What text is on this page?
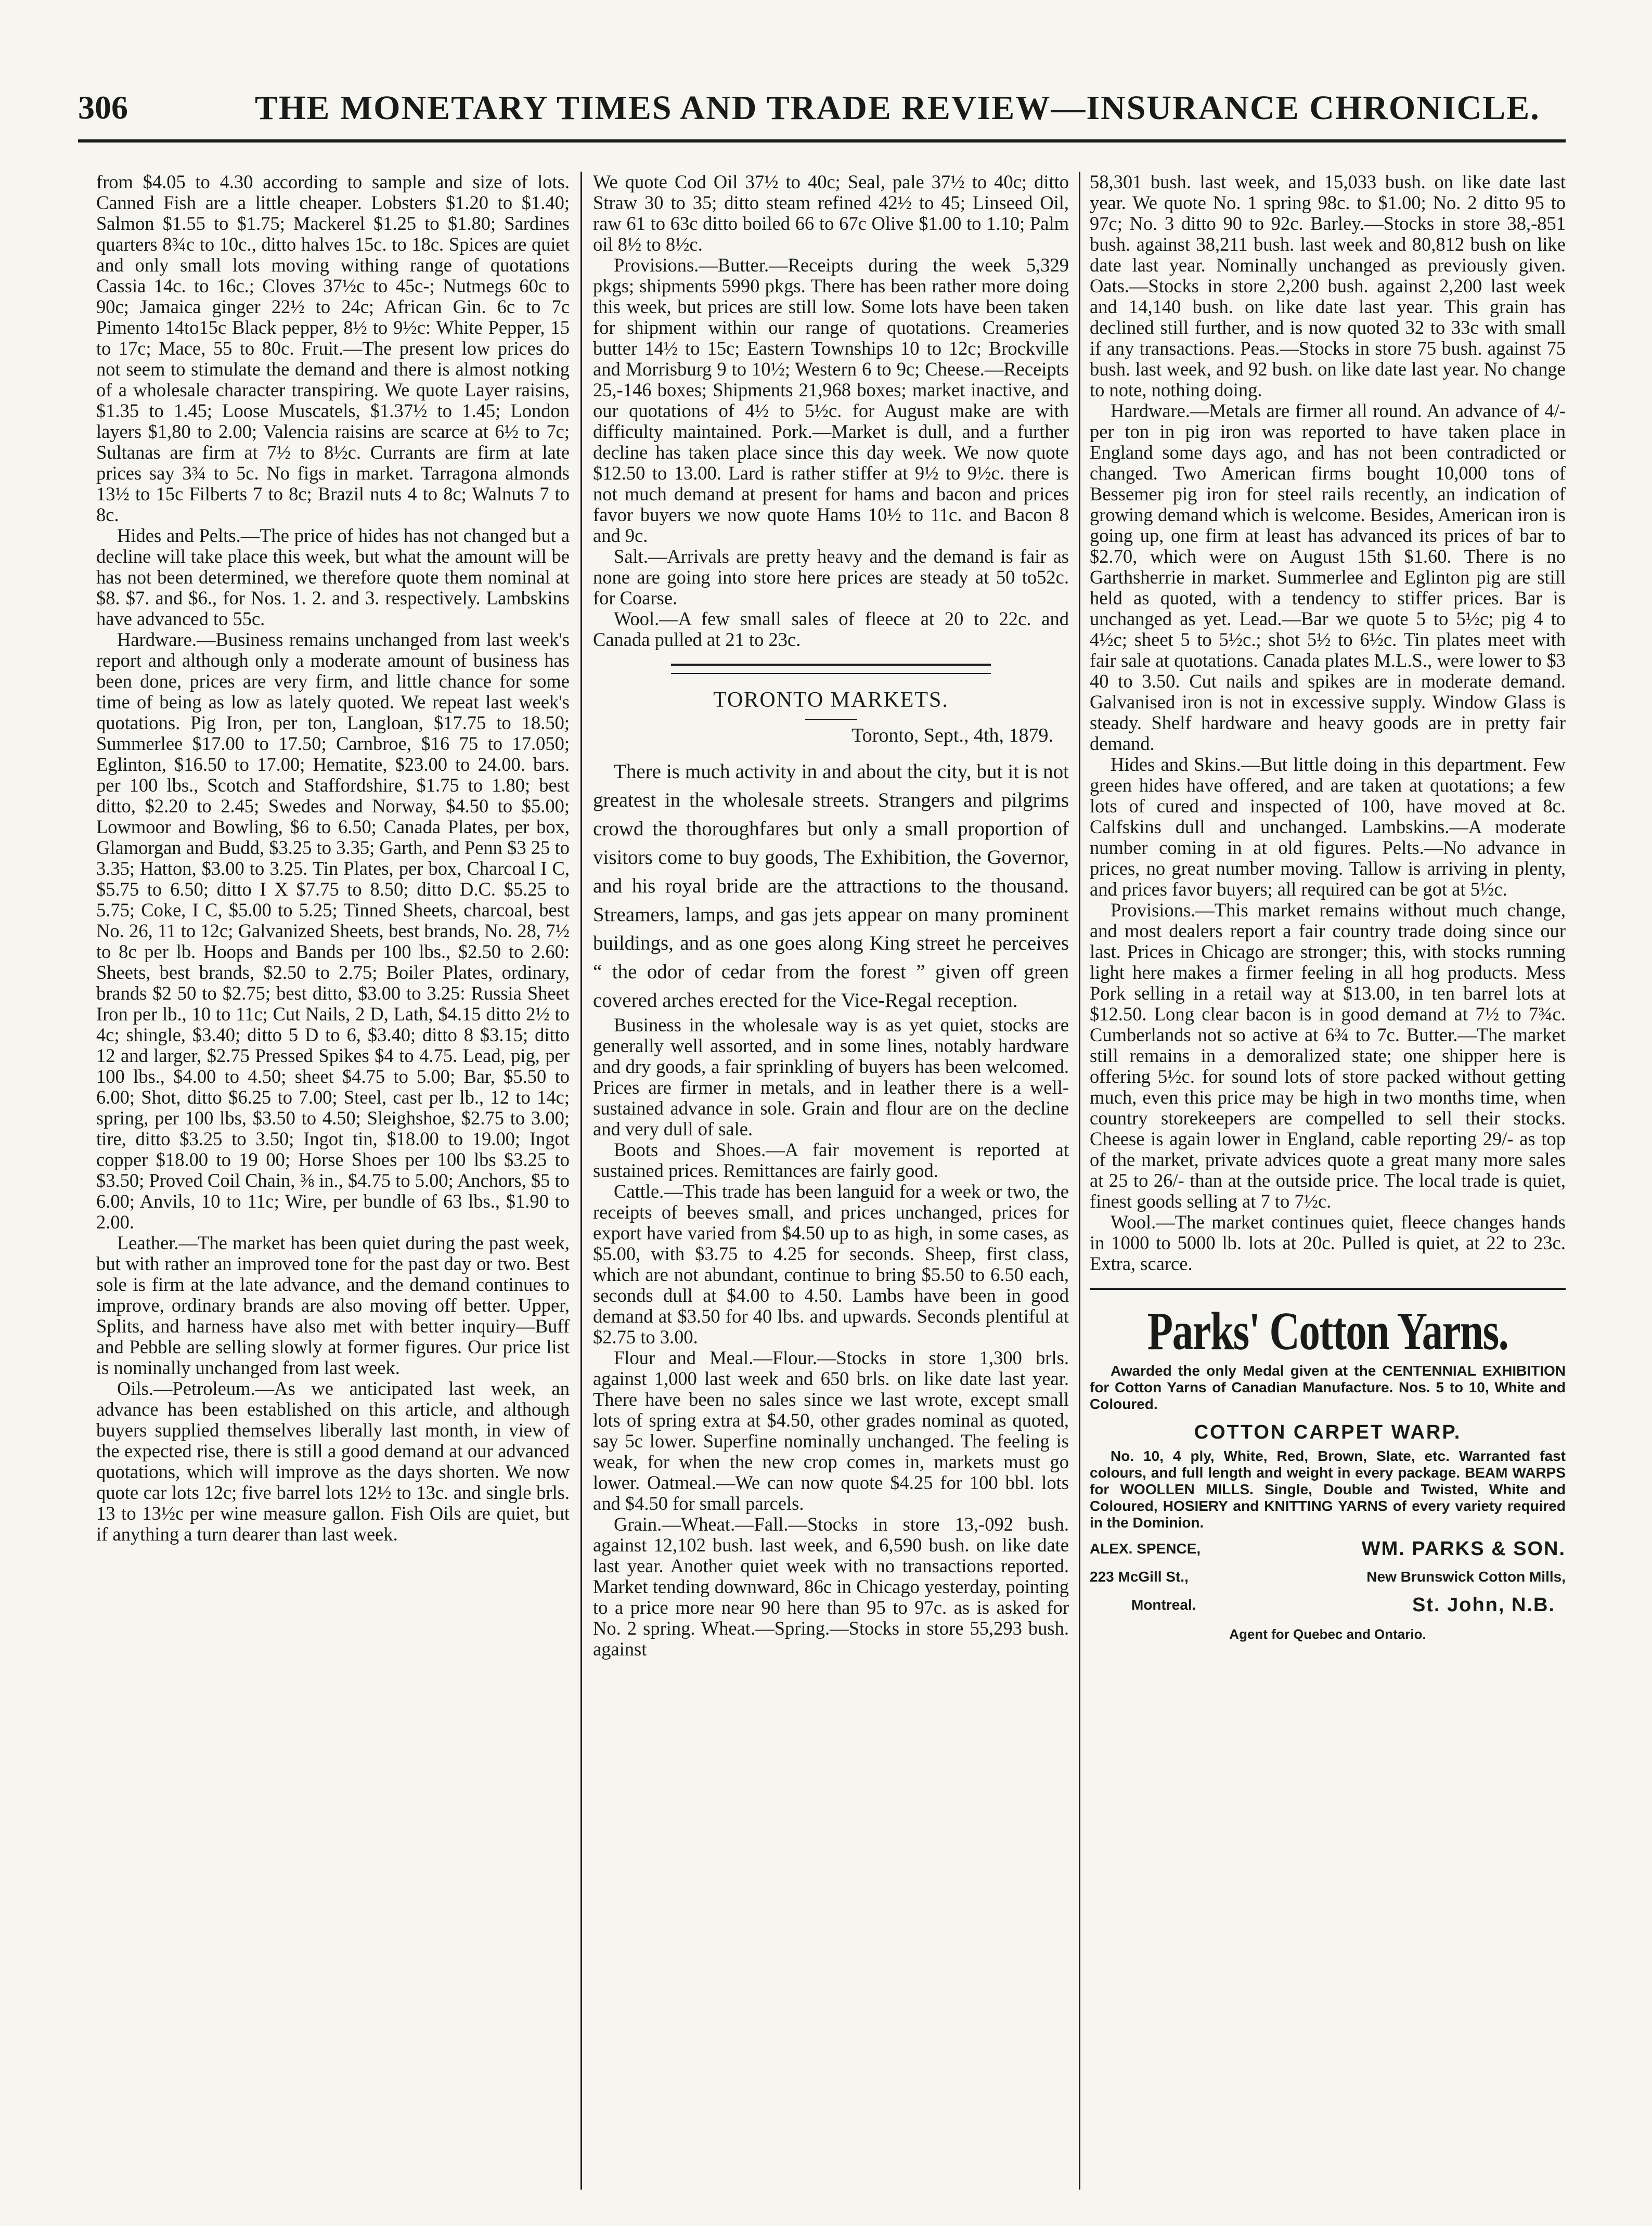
306	THE MONETARY TIMES AND TRADE REVIEW—INSURANCE CHRONICLE.

from $4.05 to 4.30 according to sample and size of lots. Canned Fish are a little cheaper. Lobsters $1.20 to $1.40; Salmon $1.55 to $1.75; Mackerel $1.25 to $1.80; Sardines quarters 8¾c to 10c., ditto halves 15c. to 18c. Spices are quiet and only small lots moving withing range of quotations Cassia 14c. to 16c.; Cloves 37½c to 45c-; Nutmegs 60c to 90c; Jamaica ginger 22½ to 24c; African Gin. 6c to 7c Pimento 14to15c Black pepper, 8½ to 9½c: White Pepper, 15 to 17c; Mace, 55 to 80c. Fruit.—The present low prices do not seem to stimulate the demand and there is almost notking of a wholesale character transpiring. We quote Layer raisins, $1.35 to 1.45; Loose Muscatels, $1.37½ to 1.45; London layers $1,80 to 2.00; Valencia raisins are scarce at 6½ to 7c; Sultanas are firm at 7½ to 8½c. Currants are firm at late prices say 3¾ to 5c. No figs in market. Tarragona almonds 13½ to 15c Filberts 7 to 8c; Brazil nuts 4 to 8c; Walnuts 7 to 8c.

Hides and Pelts.—The price of hides has not changed but a decline will take place this week, but what the amount will be has not been determined, we therefore quote them nominal at $8. $7. and $6., for Nos. 1. 2. and 3. respectively. Lambskins have advanced to 55c.

Hardware.—Business remains unchanged from last week's report and although only a moderate amount of business has been done, prices are very firm, and little chance for some time of being as low as lately quoted. We repeat last week's quotations. Pig Iron, per ton, Langloan, $17.75 to 18.50; Summerlee $17.00 to 17.50; Carnbroe, $16 75 to 17.050; Eglinton, $16.50 to 17.00; Hematite, $23.00 to 24.00. bars. per 100 lbs., Scotch and Staffordshire, $1.75 to 1.80; best ditto, $2.20 to 2.45; Swedes and Norway, $4.50 to $5.00; Lowmoor and Bowling, $6 to 6.50; Canada Plates, per box, Glamorgan and Budd, $3.25 to 3.35; Garth, and Penn $3 25 to 3.35; Hatton, $3.00 to 3.25. Tin Plates, per box, Charcoal I C, $5.75 to 6.50; ditto I X $7.75 to 8.50; ditto D.C. $5.25 to 5.75; Coke, I C, $5.00 to 5.25; Tinned Sheets, charcoal, best No. 26, 11 to 12c; Galvanized Sheets, best brands, No. 28, 7½ to 8c per lb. Hoops and Bands per 100 lbs., $2.50 to 2.60: Sheets, best brands, $2.50 to 2.75; Boiler Plates, ordinary, brands $2 50 to $2.75; best ditto, $3.00 to 3.25: Russia Sheet Iron per lb., 10 to 11c; Cut Nails, 2 D, Lath, $4.15 ditto 2½ to 4c; shingle, $3.40; ditto 5 D to 6, $3.40; ditto 8 $3.15; ditto 12 and larger, $2.75 Pressed Spikes $4 to 4.75. Lead, pig, per 100 lbs., $4.00 to 4.50; sheet $4.75 to 5.00; Bar, $5.50 to 6.00; Shot, ditto $6.25 to 7.00; Steel, cast per lb., 12 to 14c; spring, per 100 lbs, $3.50 to 4.50; Sleighshoe, $2.75 to 3.00; tire, ditto $3.25 to 3.50; Ingot tin, $18.00 to 19.00; Ingot copper $18.00 to 19 00; Horse Shoes per 100 lbs $3.25 to $3.50; Proved Coil Chain, ⅜ in., $4.75 to 5.00; Anchors, $5 to 6.00; Anvils, 10 to 11c; Wire, per bundle of 63 lbs., $1.90 to 2.00.

Leather.—The market has been quiet during the past week, but with rather an improved tone for the past day or two. Best sole is firm at the late advance, and the demand continues to improve, ordinary brands are also moving off better. Upper, Splits, and harness have also met with better inquiry—Buff and Pebble are selling slowly at former figures. Our price list is nominally unchanged from last week.

Oils.—Petroleum.—As we anticipated last week, an advance has been established on this article, and although buyers supplied themselves liberally last month, in view of the expected rise, there is still a good demand at our advanced quotations, which will improve as the days shorten. We now quote car lots 12c; five barrel lots 12½ to 13c. and single brls. 13 to 13½c per wine measure gallon. Fish Oils are quiet, but if anything a turn dearer than last week.

We quote Cod Oil 37½ to 40c; Seal, pale 37½ to 40c; ditto Straw 30 to 35; ditto steam refined 42½ to 45; Linseed Oil, raw 61 to 63c ditto boiled 66 to 67c Olive $1.00 to 1.10; Palm oil 8½ to 8½c.

Provisions.—Butter.—Receipts during the week 5,329 pkgs; shipments 5990 pkgs. There has been rather more doing this week, but prices are still low. Some lots have been taken for shipment within our range of quotations. Creameries butter 14½ to 15c; Eastern Townships 10 to 12c; Brockville and Morrisburg 9 to 10½; Western 6 to 9c; Cheese.—Receipts 25,-146 boxes; Shipments 21,968 boxes; market inactive, and our quotations of 4½ to 5½c. for August make are with difficulty maintained. Pork.—Market is dull, and a further decline has taken place since this day week. We now quote $12.50 to 13.00. Lard is rather stiffer at 9½ to 9½c. there is not much demand at present for hams and bacon and prices favor buyers we now quote Hams 10½ to 11c. and Bacon 8 and 9c.

Salt.—Arrivals are pretty heavy and the demand is fair as none are going into store here prices are steady at 50 to52c. for Coarse.

Wool.—A few small sales of fleece at 20 to 22c. and Canada pulled at 21 to 23c.

TORONTO MARKETS.
Toronto, Sept., 4th, 1879.

There is much activity in and about the city, but it is not greatest in the wholesale streets. Strangers and pilgrims crowd the thoroughfares but only a small proportion of visitors come to buy goods, The Exhibition, the Governor, and his royal bride are the attractions to the thousand. Streamers, lamps, and gas jets appear on many prominent buildings, and as one goes along King street he perceives “ the odor of cedar from the forest ” given off green covered arches erected for the Vice-Regal reception.

Business in the wholesale way is as yet quiet, stocks are generally well assorted, and in some lines, notably hardware and dry goods, a fair sprinkling of buyers has been welcomed. Prices are firmer in metals, and in leather there is a well-sustained advance in sole. Grain and flour are on the decline and very dull of sale.

Boots and Shoes.—A fair movement is reported at sustained prices. Remittances are fairly good.

Cattle.—This trade has been languid for a week or two, the receipts of beeves small, and prices unchanged, prices for export have varied from $4.50 up to as high, in some cases, as $5.00, with $3.75 to 4.25 for seconds. Sheep, first class, which are not abundant, continue to bring $5.50 to 6.50 each, seconds dull at $4.00 to 4.50. Lambs have been in good demand at $3.50 for 40 lbs. and upwards. Seconds plentiful at $2.75 to 3.00.

Flour and Meal.—Flour.—Stocks in store 1,300 brls. against 1,000 last week and 650 brls. on like date last year. There have been no sales since we last wrote, except small lots of spring extra at $4.50, other grades nominal as quoted, say 5c lower. Superfine nominally unchanged. The feeling is weak, for when the new crop comes in, markets must go lower. Oatmeal.—We can now quote $4.25 for 100 bbl. lots and $4.50 for small parcels.

Grain.—Wheat.—Fall.—Stocks in store 13,-092 bush. against 12,102 bush. last week, and 6,590 bush. on like date last year. Another quiet week with no transactions reported. Market tending downward, 86c in Chicago yesterday, pointing to a price more near 90 here than 95 to 97c. as is asked for No. 2 spring. Wheat.—Spring.—Stocks in store 55,293 bush. against

58,301 bush. last week, and 15,033 bush. on like date last year. We quote No. 1 spring 98c. to $1.00; No. 2 ditto 95 to 97c; No. 3 ditto 90 to 92c. Barley.—Stocks in store 38,-851 bush. against 38,211 bush. last week and 80,812 bush on like date last year. Nominally unchanged as previously given. Oats.—Stocks in store 2,200 bush. against 2,200 last week and 14,140 bush. on like date last year. This grain has declined still further, and is now quoted 32 to 33c with small if any transactions. Peas.—Stocks in store 75 bush. against 75 bush. last week, and 92 bush. on like date last year. No change to note, nothing doing.

Hardware.—Metals are firmer all round. An advance of 4/- per ton in pig iron was reported to have taken place in England some days ago, and has not been contradicted or changed. Two American firms bought 10,000 tons of Bessemer pig iron for steel rails recently, an indication of growing demand which is welcome. Besides, American iron is going up, one firm at least has advanced its prices of bar to $2.70, which were on August 15th $1.60. There is no Garthsherrie in market. Summerlee and Eglinton pig are still held as quoted, with a tendency to stiffer prices. Bar is unchanged as yet. Lead.—Bar we quote 5 to 5½c; pig 4 to 4½c; sheet 5 to 5½c.; shot 5½ to 6½c. Tin plates meet with fair sale at quotations. Canada plates M.L.S., were lower to $3 40 to 3.50. Cut nails and spikes are in moderate demand. Galvanised iron is not in excessive supply. Window Glass is steady. Shelf hardware and heavy goods are in pretty fair demand.

Hides and Skins.—But little doing in this department. Few green hides have offered, and are taken at quotations; a few lots of cured and inspected of 100, have moved at 8c. Calfskins dull and unchanged. Lambskins.—A moderate number coming in at old figures. Pelts.—No advance in prices, no great number moving. Tallow is arriving in plenty, and prices favor buyers; all required can be got at 5½c.

Provisions.—This market remains without much change, and most dealers report a fair country trade doing since our last. Prices in Chicago are stronger; this, with stocks running light here makes a firmer feeling in all hog products. Mess Pork selling in a retail way at $13.00, in ten barrel lots at $12.50. Long clear bacon is in good demand at 7½ to 7¾c. Cumberlands not so active at 6¾ to 7c. Butter.—The market still remains in a demoralized state; one shipper here is offering 5½c. for sound lots of store packed without getting much, even this price may be high in two months time, when country storekeepers are compelled to sell their stocks. Cheese is again lower in England, cable reporting 29/- as top of the market, private advices quote a great many more sales at 25 to 26/- than at the outside price. The local trade is quiet, finest goods selling at 7 to 7½c.

Wool.—The market continues quiet, fleece changes hands in 1000 to 5000 lb. lots at 20c. Pulled is quiet, at 22 to 23c. Extra, scarce.

Parks' Cotton Yarns.

Awarded the only Medal given at the CENTENNIAL EXHIBITION for Cotton Yarns of Canadian Manufacture. Nos. 5 to 10, White and Coloured.

COTTON CARPET WARP.

No. 10, 4 ply, White, Red, Brown, Slate, etc. Warranted fast colours, and full length and weight in every package. BEAM WARPS for WOOLLEN MILLS. Single, Double and Twisted, White and Coloured, HOSIERY and KNITTING YARNS of every variety required in the Dominion.

ALEX. SPENCE,	WM. PARKS & SON.
223 McGill St.,	New Brunswick Cotton Mills,
Montreal.	St. John, N.B.
Agent for Quebec and Ontario.
